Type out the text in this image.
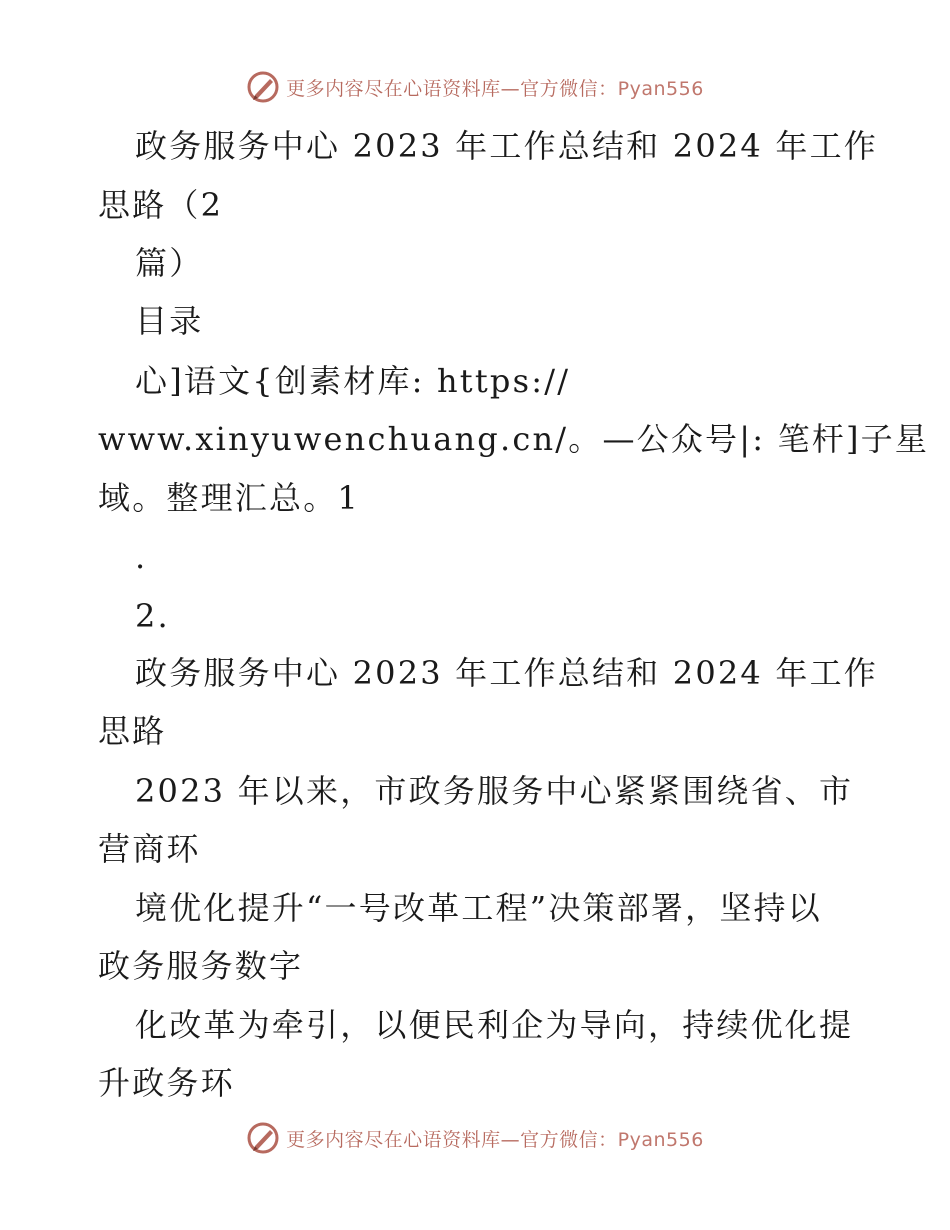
更多内容尽在心语资料库—官方微信：Pyan556
政务服务中心 2023 年工作总结和 2024 年工作
思路（2
篇）
目录
心]语文{创素材库: https://
www.xinyuwenchuang.cn/。—公众号|: 笔杆]子星
域。整理汇总。1
.
2.
政务服务中心 2023 年工作总结和 2024 年工作
思路
2023 年以来，市政务服务中心紧紧围绕省、市
营商环
境优化提升“一号改革工程”决策部署，坚持以
政务服务数字
化改革为牵引，以便民利企为导向，持续优化提
升政务环
更多内容尽在心语资料库—官方微信：Pyan556
